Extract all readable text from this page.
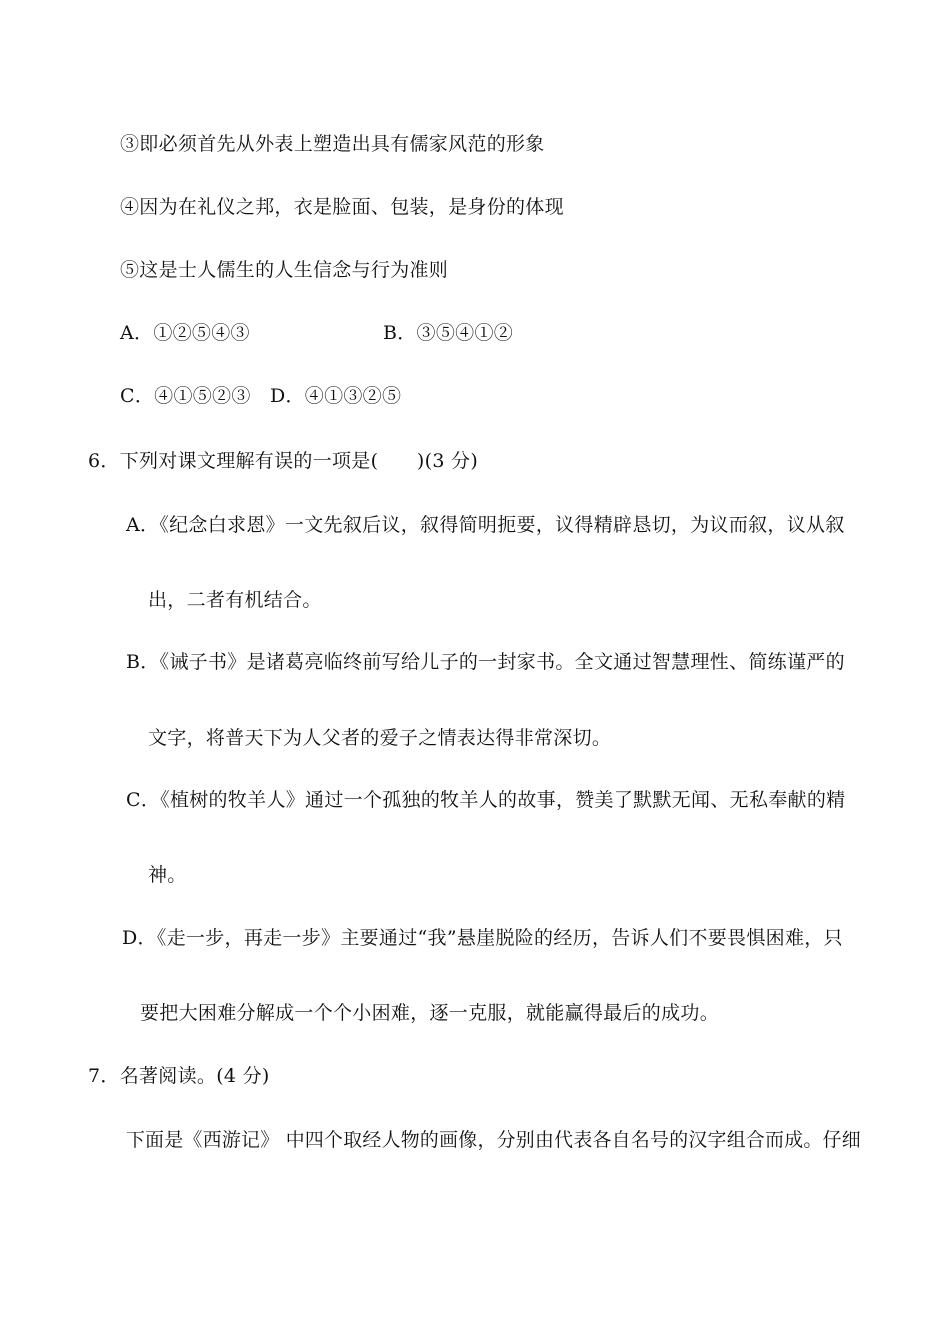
③即必须首先从外表上塑造出具有儒家风范的形象
④因为在礼仪之邦，衣是脸面、包装，是身份的体现
⑤这是士人儒生的人生信念与行为准则
A．①②⑤④③	B．③⑤④①②
C．④①⑤②③　D．④①③②⑤
6．下列对课文理解有误的一项是(　　)(3 分)
A．《纪念白求恩》一文先叙后议，叙得简明扼要，议得精辟恳切，为议而叙，议从叙
出，二者有机结合。
B．《诫子书》是诸葛亮临终前写给儿子的一封家书。全文通过智慧理性、简练谨严的
文字，将普天下为人父者的爱子之情表达得非常深切。
C．《植树的牧羊人》通过一个孤独的牧羊人的故事，赞美了默默无闻、无私奉献的精
神。
D．《走一步，再走一步》主要通过“我”悬崖脱险的经历，告诉人们不要畏惧困难，只
要把大困难分解成一个个小困难，逐一克服，就能赢得最后的成功。
7．名著阅读。(4 分)
下面是《西游记》 中四个取经人物的画像，分别由代表各自名号的汉字组合而成。仔细
